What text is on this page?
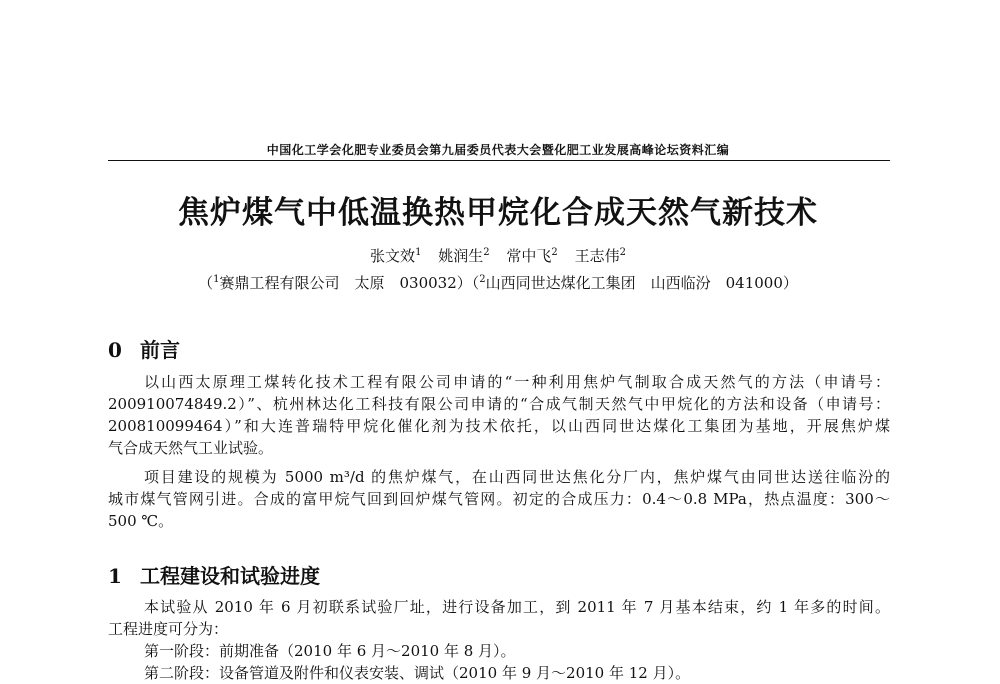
中国化工学会化肥专业委员会第九届委员代表大会暨化肥工业发展高峰论坛资料汇编
焦炉煤气中低温换热甲烷化合成天然气新技术
张文效$^1$ 姚润生$^2$ 常中飞$^2$ 王志伟$^2$
（$^1$赛鼎工程有限公司　太原　030032）（$^2$山西同世达煤化工集团　山西临汾　041000）
0 前言
以山西太原理工煤转化技术工程有限公司申请的“一种利用焦炉气制取合成天然气的方法（申请号：
200910074849.2）”、杭州林达化工科技有限公司申请的“合成气制天然气中甲烷化的方法和设备（申请号：
200810099464）”和大连普瑞特甲烷化催化剂为技术依托，以山西同世达煤化工集团为基地，开展焦炉煤
气合成天然气工业试验。
项目建设的规模为 5000 m³/d 的焦炉煤气，在山西同世达焦化分厂内，焦炉煤气由同世达送往临汾的
城市煤气管网引进。合成的富甲烷气回到回炉煤气管网。初定的合成压力：0.4～0.8 MPa，热点温度：300～
500 ℃。
1 工程建设和试验进度
本试验从 2010 年 6 月初联系试验厂址，进行设备加工，到 2011 年 7 月基本结束，约 1 年多的时间。
工程进度可分为：
第一阶段：前期准备（2010 年 6 月～2010 年 8 月）。
第二阶段：设备管道及附件和仪表安装、调试（2010 年 9 月～2010 年 12 月）。
